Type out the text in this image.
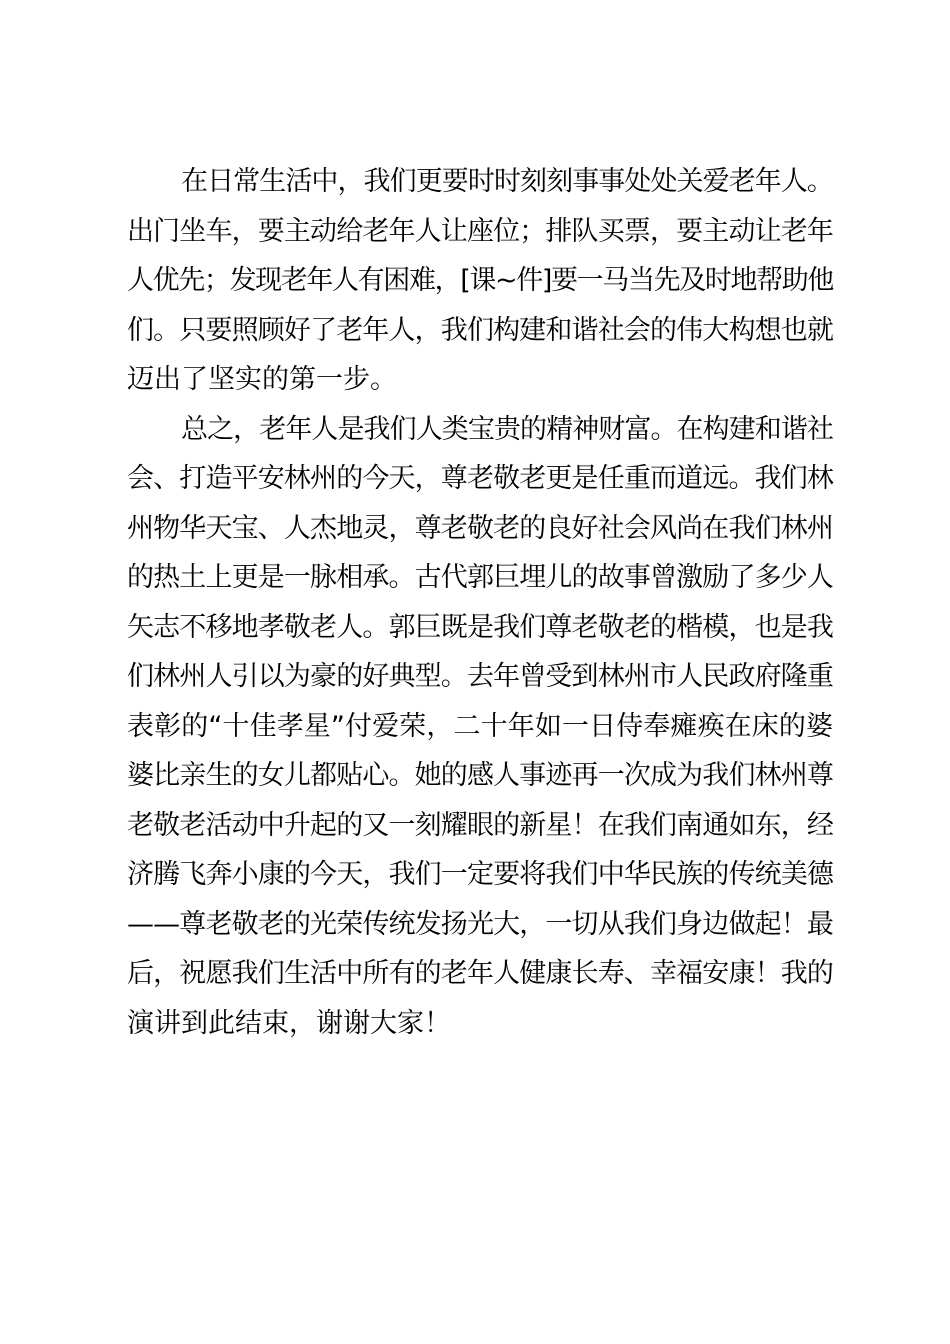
在日常生活中，我们更要时时刻刻事事处处关爱老年人。
出门坐车，要主动给老年人让座位；排队买票，要主动让老年
人优先；发现老年人有困难，[课~件]要一马当先及时地帮助他
们。只要照顾好了老年人，我们构建和谐社会的伟大构想也就
迈出了坚实的第一步。
总之，老年人是我们人类宝贵的精神财富。在构建和谐社
会、打造平安林州的今天，尊老敬老更是任重而道远。我们林
州物华天宝、人杰地灵，尊老敬老的良好社会风尚在我们林州
的热土上更是一脉相承。古代郭巨埋儿的故事曾激励了多少人
矢志不移地孝敬老人。郭巨既是我们尊老敬老的楷模，也是我
们林州人引以为豪的好典型。去年曾受到林州市人民政府隆重
表彰的“十佳孝星”付爱荣，二十年如一日侍奉瘫痪在床的婆
婆比亲生的女儿都贴心。她的感人事迹再一次成为我们林州尊
老敬老活动中升起的又一刻耀眼的新星！在我们南通如东，经
济腾飞奔小康的今天，我们一定要将我们中华民族的传统美德
——尊老敬老的光荣传统发扬光大，一切从我们身边做起！最
后，祝愿我们生活中所有的老年人健康长寿、幸福安康！我的
演讲到此结束，谢谢大家！
